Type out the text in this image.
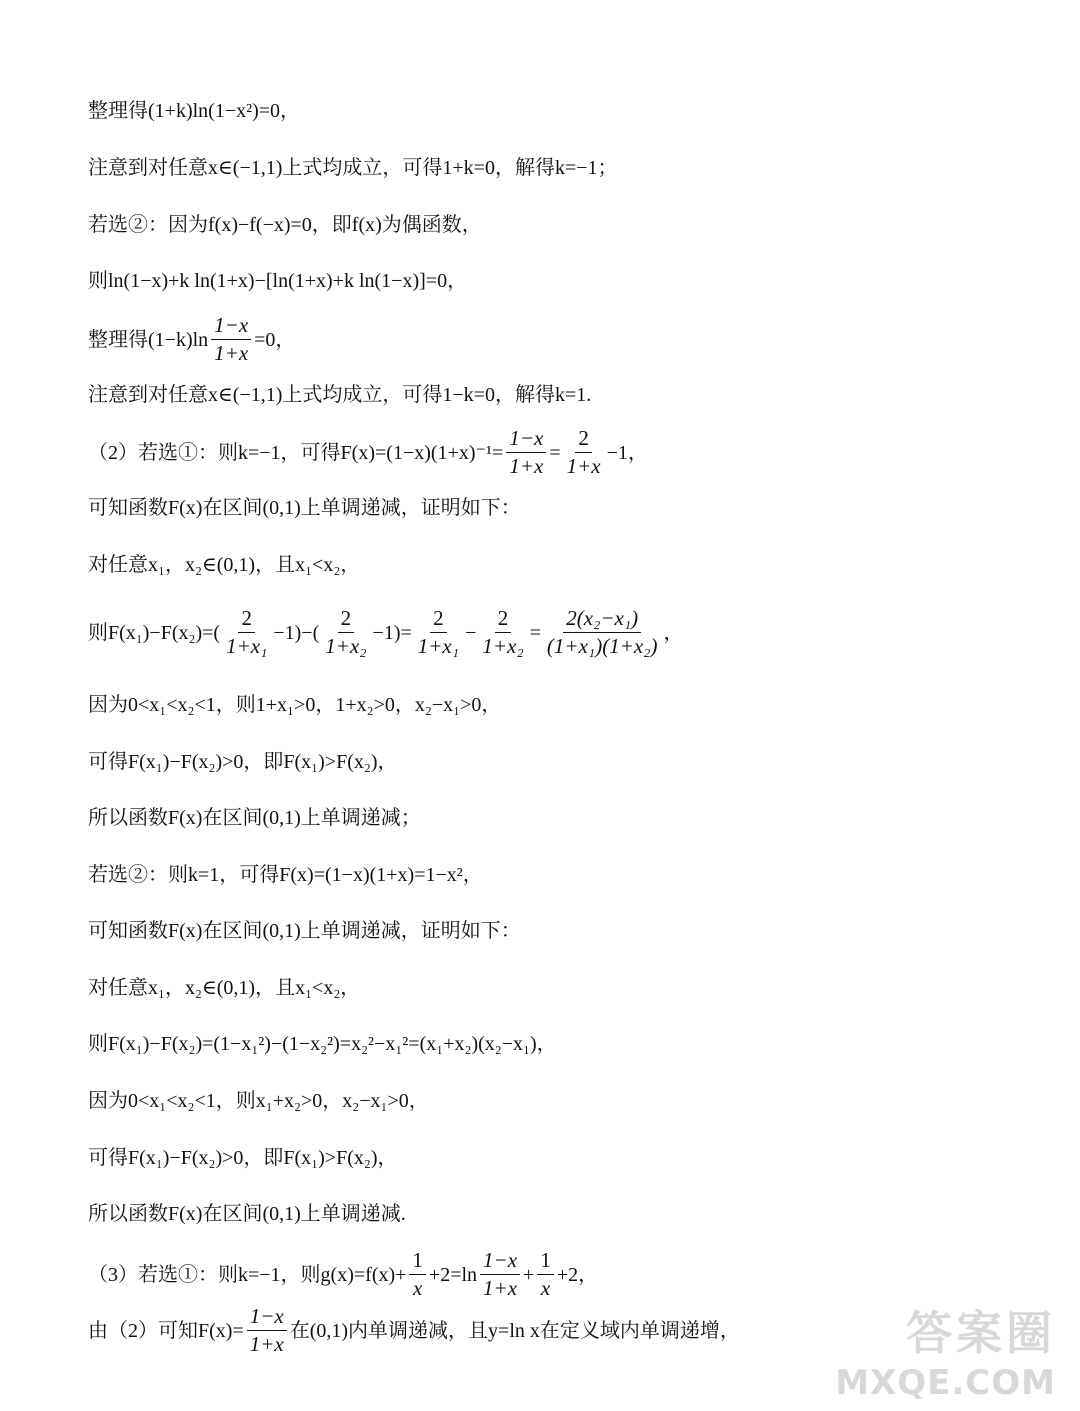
整理得(1+k)ln(1−x²)=0，
注意到对任意x∈(−1,1)上式均成立，可得1+k=0，解得k=−1；
若选②：因为f(x)−f(−x)=0，即f(x)为偶函数，
则ln(1−x)+k ln(1+x)−[ln(1+x)+k ln(1−x)]=0，
整理得$(1-k)\ln \frac{1-x}{1+x} =0$，
注意到对任意x∈(−1,1)上式均成立，可得1−k=0，解得k=1.
（2）若选①：则k=−1，可得$F(x)=(1-x)(1+x)^{-1}= \frac{1-x}{1+x} = \frac{2}{1+x} -1$，
可知函数F(x)在区间(0,1)上单调递减，证明如下：
对任意x₁，x₂∈(0,1)，且x₁<x₂，
则$F(x_1)-F(x_2)=( \frac{2}{\text{1+x₁}} -1)-( \frac{2}{\text{1+x₂}} -1)= \frac{2}{\text{1+x₁}} - \frac{2}{\text{1+x₂}} = \frac{\text{2(x₂−x₁)}}{\text{(1+x₁)(1+x₂)}}$ ，
因为0<x₁<x₂<1，则1+x₁>0，1+x₂>0，x₂−x₁>0，
可得F(x₁)−F(x₂)>0，即F(x₁)>F(x₂)，
所以函数F(x)在区间(0,1)上单调递减；
若选②：则k=1，可得F(x)=(1−x)(1+x)=1−x²，
可知函数F(x)在区间(0,1)上单调递减，证明如下：
对任意x₁，x₂∈(0,1)，且x₁<x₂，
则F(x₁)−F(x₂)=(1−x₁²)−(1−x₂²)=x₂²−x₁²=(x₁+x₂)(x₂−x₁)，
因为0<x₁<x₂<1，则x₁+x₂>0，x₂−x₁>0，
可得F(x₁)−F(x₂)>0，即F(x₁)>F(x₂)，
所以函数F(x)在区间(0,1)上单调递减.
（3）若选①：则k=−1，则$g(x)=f(x)+ \frac{1}{x} +2=\ln \frac{1-x}{1+x} + \frac{1}{x} +2$，
由（2）可知$F(x)= \frac{1-x}{1+x}$ 在(0,1)内单调递减，且y=ln x在定义域内单调递增，	答案圈
MXQE.COM
